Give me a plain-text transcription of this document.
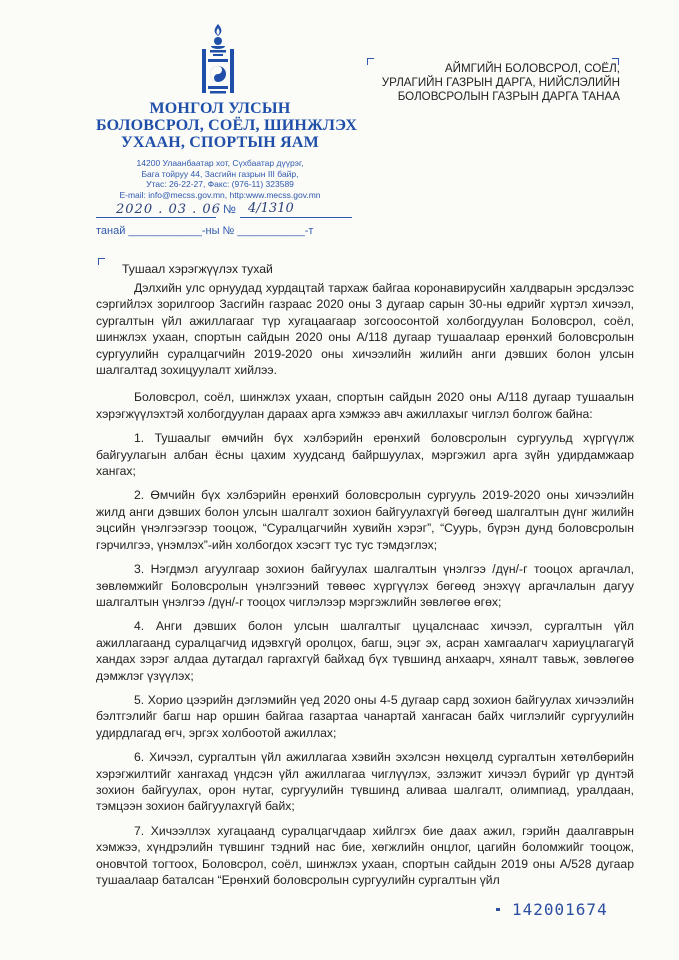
МОНГОЛ УЛСЫН
БОЛОВСРОЛ, СОЁЛ, ШИНЖЛЭХ
УХААН, СПОРТЫН ЯАМ
14200 Улаанбаатар хот, Сүхбаатар дүүрэг,
Бага тойруу 44, Засгийн газрын III байр,
Утас: 26-22-27, Факс: (976-11) 323589
E-mail: info@mecss.gov.mn, http:www.mecss.gov.mn
2020 . 03 . 06 № 4/1310
танай ____________-ны № ___________-т
АЙМГИЙН БОЛОВСРОЛ, СОЁЛ,
УРЛАГИЙН ГАЗРЫН ДАРГА, НИЙСЛЭЛИЙН
БОЛОВСРОЛЫН ГАЗРЫН ДАРГА ТАНАА
Тушаал хэрэгжүүлэх тухай

Дэлхийн улс орнуудад хурдацтай тархаж байгаа коронавирусийн халдварын эрсдэлээс сэргийлэх зорилгоор Засгийн газраас 2020 оны 3 дугаар сарын 30-ны өдрийг хүртэл хичээл, сургалтын үйл ажиллагааг түр хугацаагаар зогсоосонтой холбогдуулан Боловсрол, соёл, шинжлэх ухаан, спортын сайдын 2020 оны А/118 дугаар тушаалаар ерөнхий боловсролын сургуулийн суралцагчийн 2019-2020 оны хичээлийн жилийн анги дэвших болон улсын шалгалтад зохицуулалт хийлээ.

Боловсрол, соёл, шинжлэх ухаан, спортын сайдын 2020 оны А/118 дугаар тушаалын хэрэгжүүлэхтэй холбогдуулан дараах арга хэмжээ авч ажиллахыг чиглэл болгож байна:

1. Тушаалыг өмчийн бүх хэлбэрийн ерөнхий боловсролын сургуульд хүргүүлж байгуулагын албан ёсны цахим хуудсанд байршуулах, мэргэжил арга зүйн удирдамжаар хангах;

2. Өмчийн бүх хэлбэрийн ерөнхий боловсролын сургууль 2019-2020 оны хичээлийн жилд анги дэвших болон улсын шалгалт зохион байгуулахгүй бөгөөд шалгалтын дүнг жилийн эцсийн үнэлгээгээр тооцож, “Суралцагчийн хувийн хэрэг”, “Суурь, бүрэн дунд боловсролын гэрчилгээ, үнэмлэх”-ийн холбогдох хэсэгт тус тус тэмдэглэх;

3. Нэгдмэл агуулгаар зохион байгуулах шалгалтын үнэлгээ /дүн/-г тооцох аргачлал, зөвлөмжийг Боловсролын үнэлгээний төвөөс хүргүүлэх бөгөөд энэхүү аргачлалын дагуу шалгалтын үнэлгээ /дүн/-г тооцох чиглэлээр мэргэжлийн зөвлөгөө өгөх;

4. Анги дэвших болон улсын шалгалтыг цуцалснаас хичээл, сургалтын үйл ажиллагаанд суралцагчид идэвхгүй оролцох, багш, эцэг эх, асран хамгаалагч хариуцлагагүй хандах зэрэг алдаа дутагдал гаргахгүй байхад бүх түвшинд анхаарч, хяналт тавьж, зөвлөгөө дэмжлэг үзүүлэх;

5. Хорио цээрийн дэглэмийн үед 2020 оны 4-5 дугаар сард зохион байгуулах хичээлийн бэлтгэлийг багш нар оршин байгаа газартаа чанартай хангасан байх чиглэлийг сургуулийн удирдлагад өгч, эргэх холбоотой ажиллах;

6. Хичээл, сургалтын үйл ажиллагаа хэвийн эхэлсэн нөхцөлд сургалтын хөтөлбөрийн хэрэгжилтийг хангахад үндсэн үйл ажиллагаа чиглүүлэх, эзлэжит хичээл бүрийг үр дүнтэй зохион байгуулах, орон нутаг, сургуулийн түвшинд аливаа шалгалт, олимпиад, уралдаан, тэмцээн зохион байгуулахгүй байх;

7. Хичээллэх хугацаанд суралцагчдаар хийлгэх бие даах ажил, гэрийн даалгаврын хэмжээ, хүндрэлийн түвшинг тэдний нас бие, хөгжлийн онцлог, цагийн боломжийг тооцож, оновчтой тогтоох, Боловсрол, соёл, шинжлэх ухаан, спортын сайдын 2019 оны А/528 дугаар тушаалаар баталсан “Ерөнхий боловсролын сургуулийн сургалтын үйл

142001674
